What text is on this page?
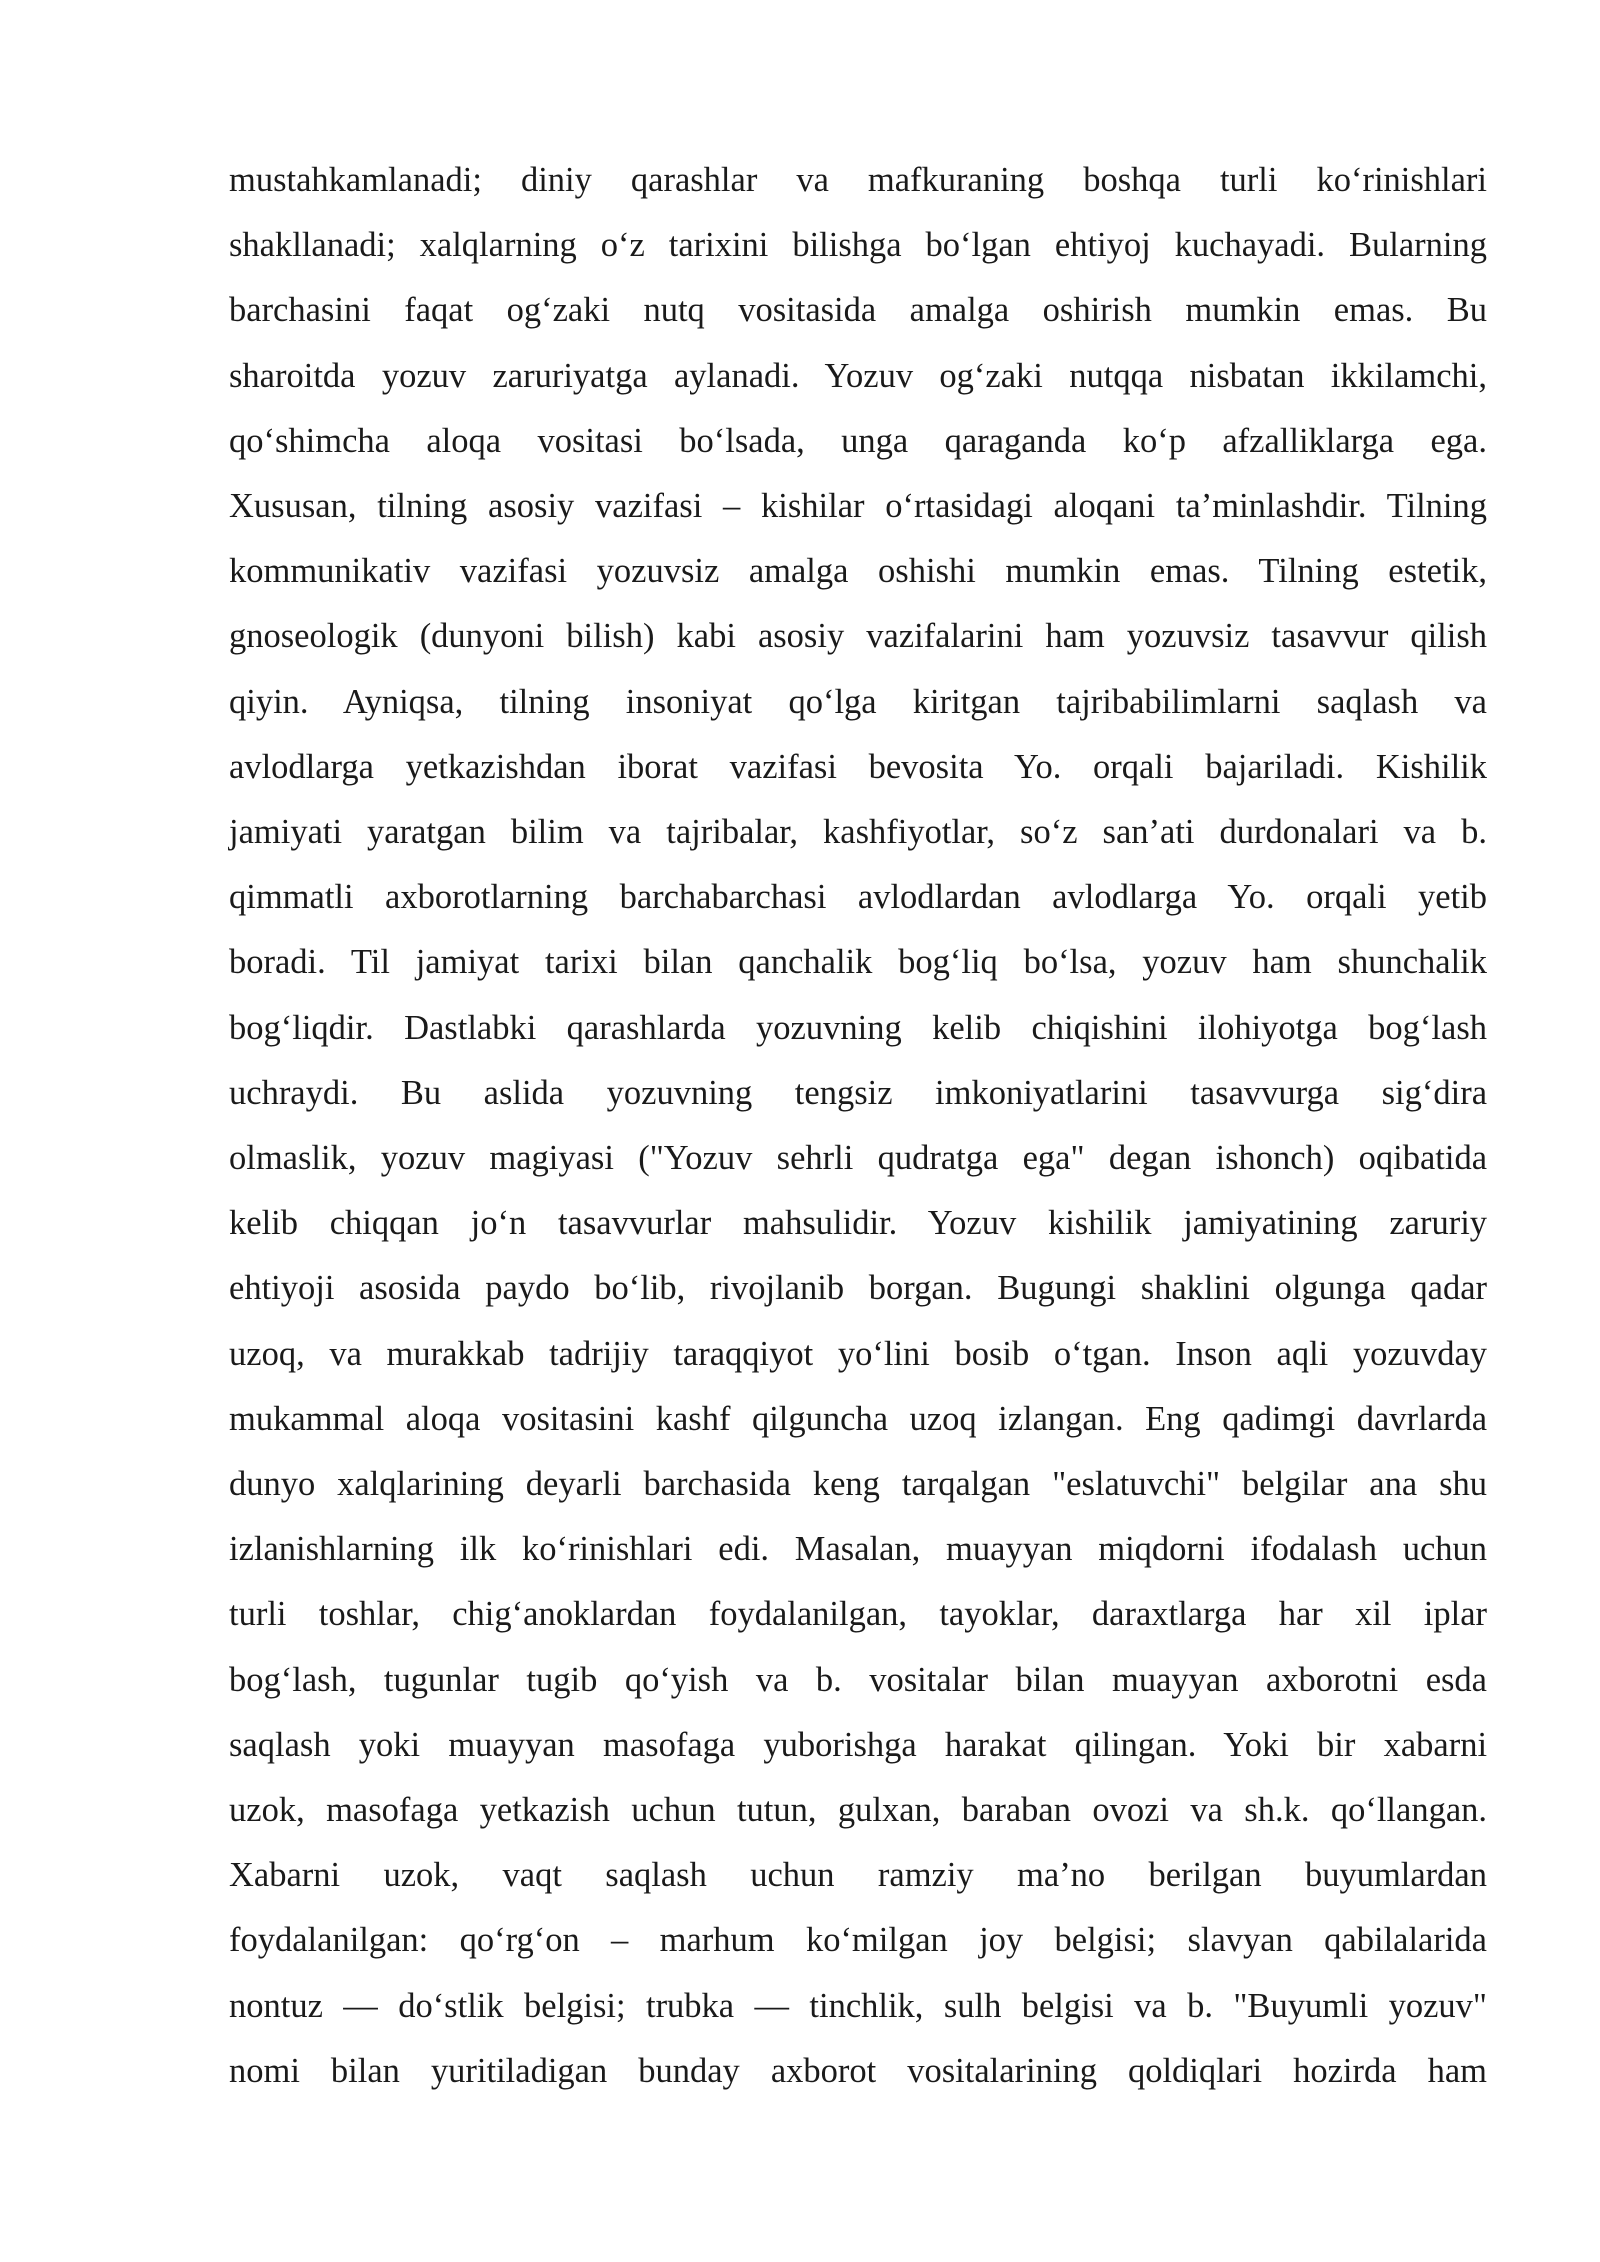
mustahkamlanadi; diniy qarashlar va mafkuraning boshqa turli ko‘rinishlari
shakllanadi; xalqlarning o‘z tarixini bilishga bo‘lgan ehtiyoj kuchayadi. Bularning
barchasini faqat og‘zaki nutq vositasida amalga oshirish mumkin emas. Bu
sharoitda yozuv zaruriyatga aylanadi. Yozuv og‘zaki nutqqa nisbatan ikkilamchi,
qo‘shimcha aloqa vositasi bo‘lsada, unga qaraganda ko‘p afzalliklarga ega.
Xususan, tilning asosiy vazifasi – kishilar o‘rtasidagi aloqani ta’minlashdir. Tilning
kommunikativ vazifasi yozuvsiz amalga oshishi mumkin emas. Tilning estetik,
gnoseologik (dunyoni bilish) kabi asosiy vazifalarini ham yozuvsiz tasavvur qilish
qiyin. Ayniqsa, tilning insoniyat qo‘lga kiritgan tajribabilimlarni saqlash va
avlodlarga yetkazishdan iborat vazifasi bevosita Yo. orqali bajariladi. Kishilik
jamiyati yaratgan bilim va tajribalar, kashfiyotlar, so‘z san’ati durdonalari va b.
qimmatli axborotlarning barchabarchasi avlodlardan avlodlarga Yo. orqali yetib
boradi. Til jamiyat tarixi bilan qanchalik bog‘liq bo‘lsa, yozuv ham shunchalik
bog‘liqdir. Dastlabki qarashlarda yozuvning kelib chiqishini ilohiyotga bog‘lash
uchraydi. Bu aslida yozuvning tengsiz imkoniyatlarini tasavvurga sig‘dira
olmaslik, yozuv magiyasi ("Yozuv sehrli qudratga ega" degan ishonch) oqibatida
kelib chiqqan jo‘n tasavvurlar mahsulidir. Yozuv kishilik jamiyatining zaruriy
ehtiyoji asosida paydo bo‘lib, rivojlanib borgan. Bugungi shaklini olgunga qadar
uzoq, va murakkab tadrijiy taraqqiyot yo‘lini bosib o‘tgan. Inson aqli yozuvday
mukammal aloqa vositasini kashf qilguncha uzoq izlangan. Eng qadimgi davrlarda
dunyo xalqlarining deyarli barchasida keng tarqalgan "eslatuvchi" belgilar ana shu
izlanishlarning ilk ko‘rinishlari edi. Masalan, muayyan miqdorni ifodalash uchun
turli toshlar, chig‘anoklardan foydalanilgan, tayoklar, daraxtlarga har xil iplar
bog‘lash, tugunlar tugib qo‘yish va b. vositalar bilan muayyan axborotni esda
saqlash yoki muayyan masofaga yuborishga harakat qilingan. Yoki bir xabarni
uzok, masofaga yetkazish uchun tutun, gulxan, baraban ovozi va sh.k. qo‘llangan.
Xabarni uzok, vaqt saqlash uchun ramziy ma’no berilgan buyumlardan
foydalanilgan: qo‘rg‘on – marhum ko‘milgan joy belgisi; slavyan qabilalarida
nontuz — do‘stlik belgisi; trubka — tinchlik, sulh belgisi va b. "Buyumli yozuv"
nomi bilan yuritiladigan bunday axborot vositalarining qoldiqlari hozirda ham
